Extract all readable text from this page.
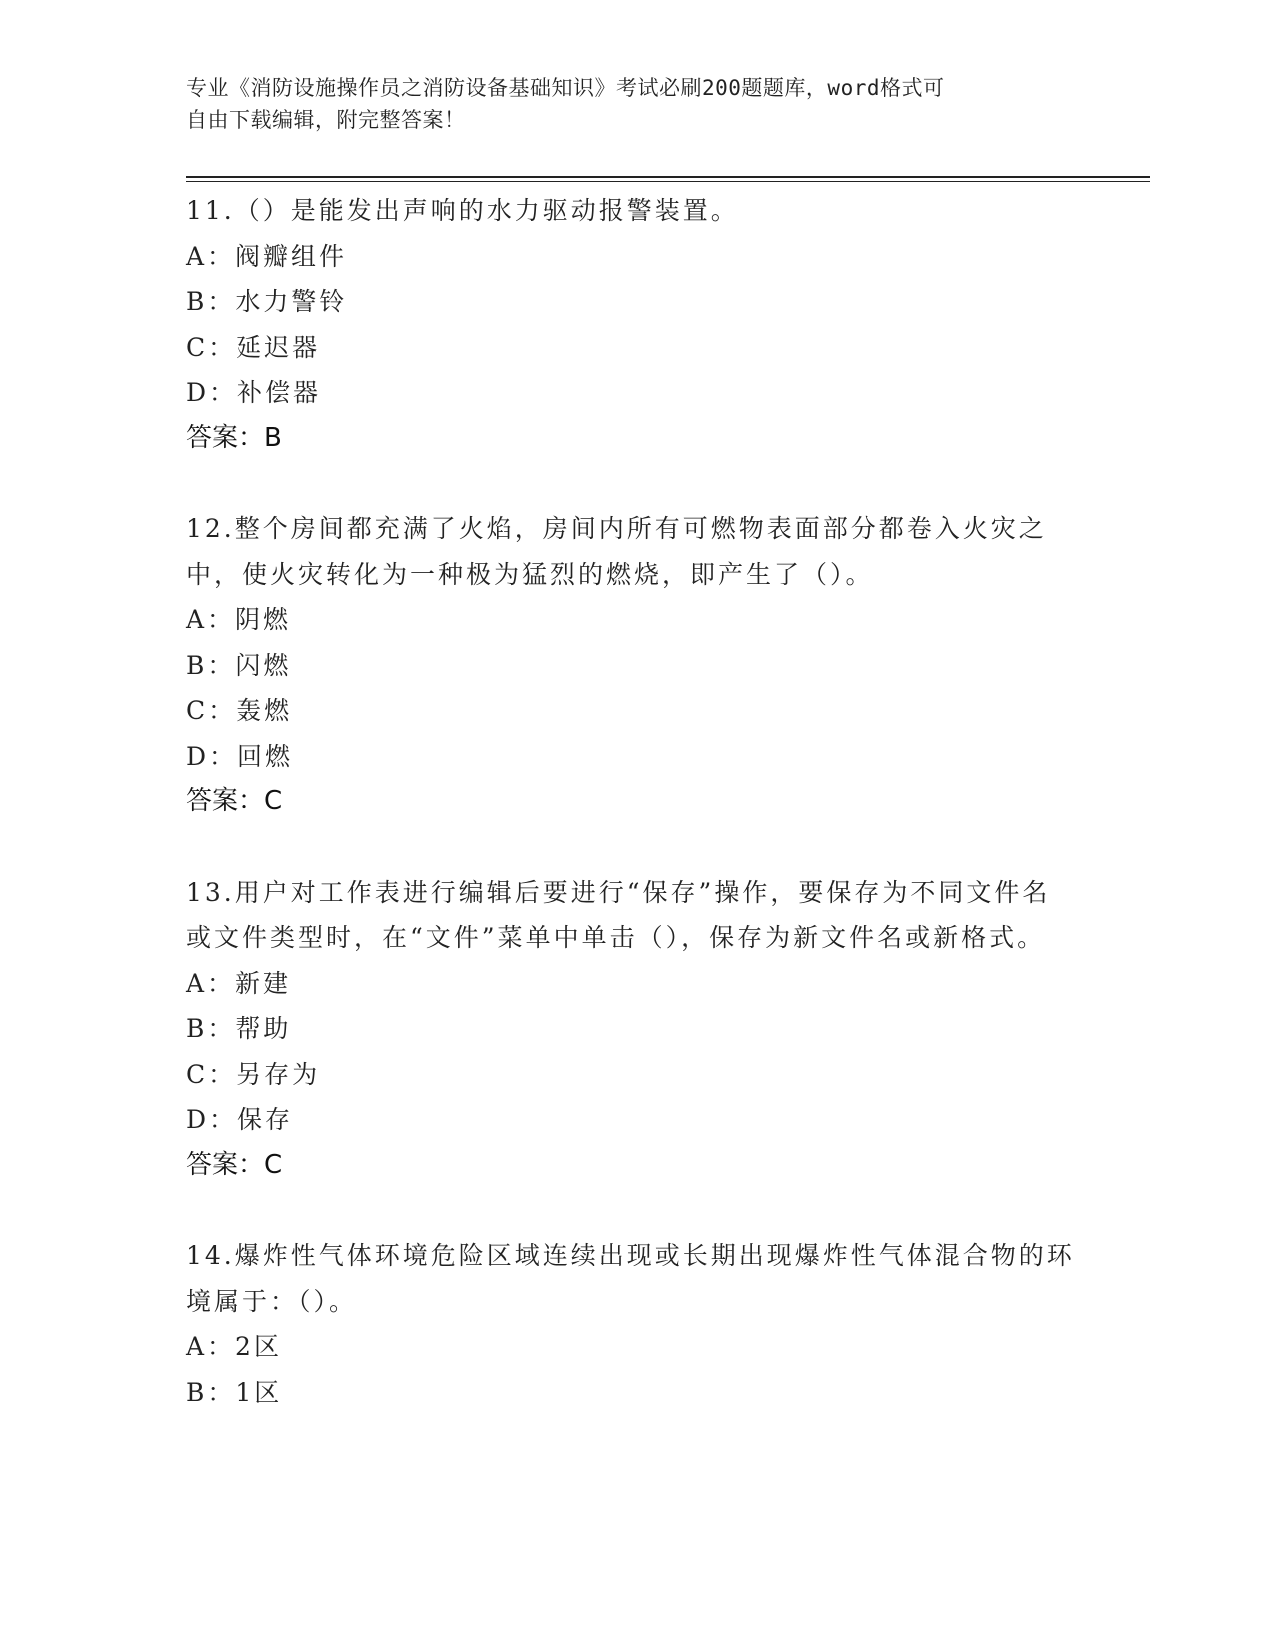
专业《消防设施操作员之消防设备基础知识》考试必刷200题题库，word格式可
自由下载编辑，附完整答案！
11.（）是能发出声响的水力驱动报警装置。
A：阀瓣组件
B：水力警铃
C：延迟器
D：补偿器
答案：B
12.整个房间都充满了火焰，房间内所有可燃物表面部分都卷入火灾之中，使火灾转化为一种极为猛烈的燃烧，即产生了（）。
A：阴燃
B：闪燃
C：轰燃
D：回燃
答案：C
13.用户对工作表进行编辑后要进行“保存”操作，要保存为不同文件名或文件类型时，在“文件”菜单中单击（），保存为新文件名或新格式。
A：新建
B：帮助
C：另存为
D：保存
答案：C
14.爆炸性气体环境危险区域连续出现或长期出现爆炸性气体混合物的环境属于：（）。
A：2区
B：1区
